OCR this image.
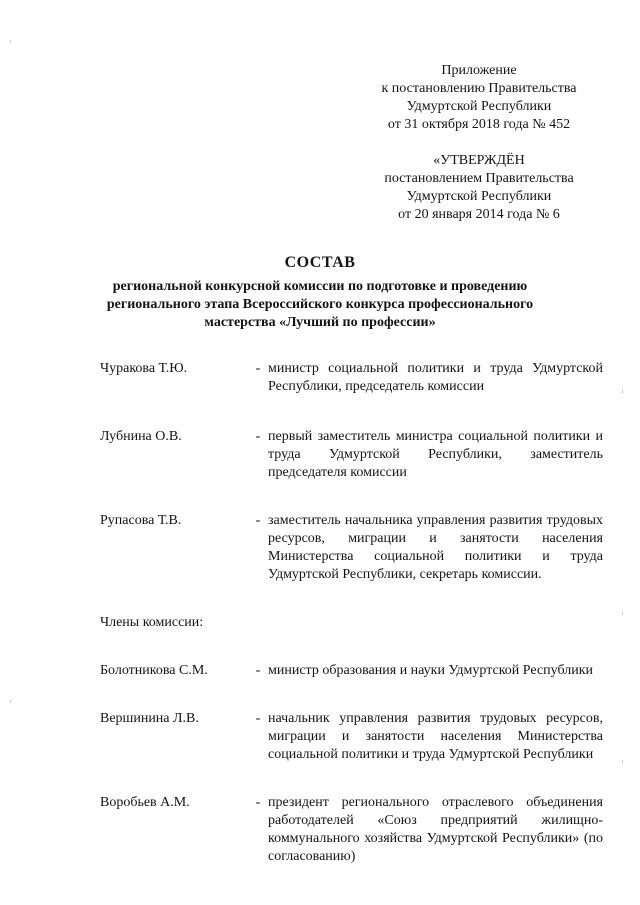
Приложение
к постановлению Правительства
Удмуртской Республики
от 31 октября 2018 года № 452
«УТВЕРЖДЁН
постановлением Правительства
Удмуртской Республики
от 20 января 2014 года № 6
СОСТАВ
региональной конкурсной комиссии по подготовке и проведению
регионального этапа Всероссийского конкурса профессионального
мастерства «Лучший по профессии»
Чуракова Т.Ю.	- министр социальной политики и труда Удмуртской Республики, председатель комиссии
Лубнина О.В.	- первый заместитель министра социальной политики и труда Удмуртской Республики, заместитель председателя комиссии
Рупасова Т.В.	- заместитель начальника управления развития трудовых ресурсов, миграции и занятости населения Министерства социальной политики и труда Удмуртской Республики, секретарь комиссии.
Члены комиссии:
Болотникова С.М.	- министр образования и науки Удмуртской Республики
Вершинина Л.В.	- начальник управления развития трудовых ресурсов, миграции и занятости населения Министерства социальной политики и труда Удмуртской Республики
Воробьев А.М.	- президент регионального отраслевого объединения работодателей «Союз предприятий жилищно-коммунального хозяйства Удмуртской Республики» (по согласованию)
